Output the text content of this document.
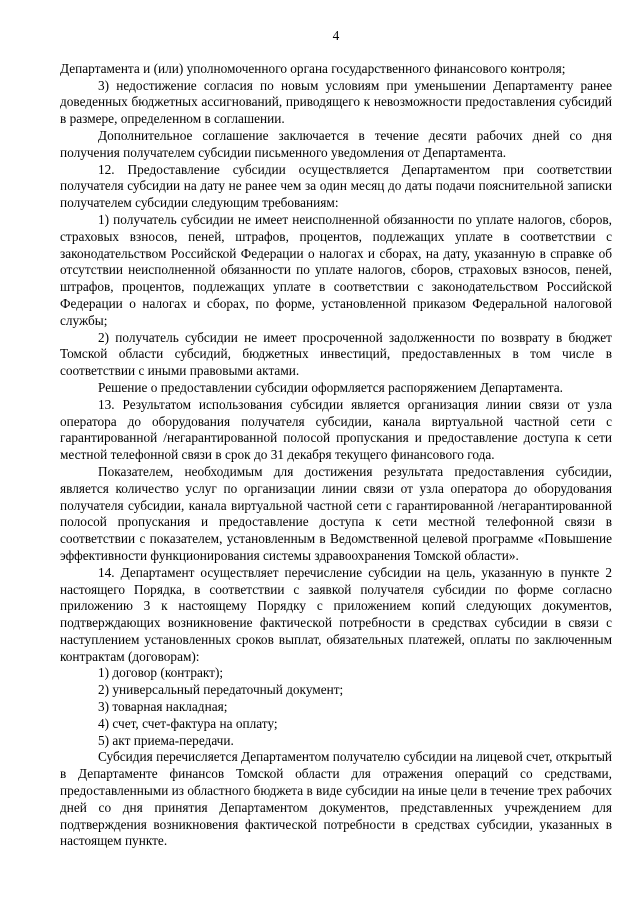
4

Департамента и (или) уполномоченного органа государственного финансового контроля;

3) недостижение согласия по новым условиям при уменьшении Департаменту ранее доведенных бюджетных ассигнований, приводящего к невозможности предоставления субсидий в размере, определенном в соглашении.

Дополнительное соглашение заключается в течение десяти рабочих дней со дня получения получателем субсидии письменного уведомления от Департамента.

12. Предоставление субсидии осуществляется Департаментом при соответствии получателя субсидии на дату не ранее чем за один месяц до даты подачи пояснительной записки получателем субсидии следующим требованиям:

1) получатель субсидии не имеет неисполненной обязанности по уплате налогов, сборов, страховых взносов, пеней, штрафов, процентов, подлежащих уплате в соответствии с законодательством Российской Федерации о налогах и сборах, на дату, указанную в справке об отсутствии неисполненной обязанности по уплате налогов, сборов, страховых взносов, пеней, штрафов, процентов, подлежащих уплате в соответствии с законодательством Российской Федерации о налогах и сборах, по форме, установленной приказом Федеральной налоговой службы;

2) получатель субсидии не имеет просроченной задолженности по возврату в бюджет Томской области субсидий, бюджетных инвестиций, предоставленных в том числе в соответствии с иными правовыми актами.

Решение о предоставлении субсидии оформляется распоряжением Департамента.

13. Результатом использования субсидии является организация линии связи от узла оператора до оборудования получателя субсидии, канала виртуальной частной сети с гарантированной /негарантированной полосой пропускания и предоставление доступа к сети местной телефонной связи в срок до 31 декабря текущего финансового года.

Показателем, необходимым для достижения результата предоставления субсидии, является количество услуг по организации линии связи от узла оператора до оборудования получателя субсидии, канала виртуальной частной сети с гарантированной /негарантированной полосой пропускания и предоставление доступа к сети местной телефонной связи в соответствии с показателем, установленным в Ведомственной целевой программе «Повышение эффективности функционирования системы здравоохранения Томской области».

14. Департамент осуществляет перечисление субсидии на цель, указанную в пункте 2 настоящего Порядка, в соответствии с заявкой получателя субсидии по форме согласно приложению 3 к настоящему Порядку с приложением копий следующих документов, подтверждающих возникновение фактической потребности в средствах субсидии в связи с наступлением установленных сроков выплат, обязательных платежей, оплаты по заключенным контрактам (договорам):

1) договор (контракт);

2) универсальный передаточный документ;

3) товарная накладная;

4) счет, счет-фактура на оплату;

5) акт приема-передачи.

Субсидия перечисляется Департаментом получателю субсидии на лицевой счет, открытый в Департаменте финансов Томской области для отражения операций со средствами, предоставленными из областного бюджета в виде субсидии на иные цели в течение трех рабочих дней со дня принятия Департаментом документов, представленных учреждением для подтверждения возникновения фактической потребности в средствах субсидии, указанных в настоящем пункте.
